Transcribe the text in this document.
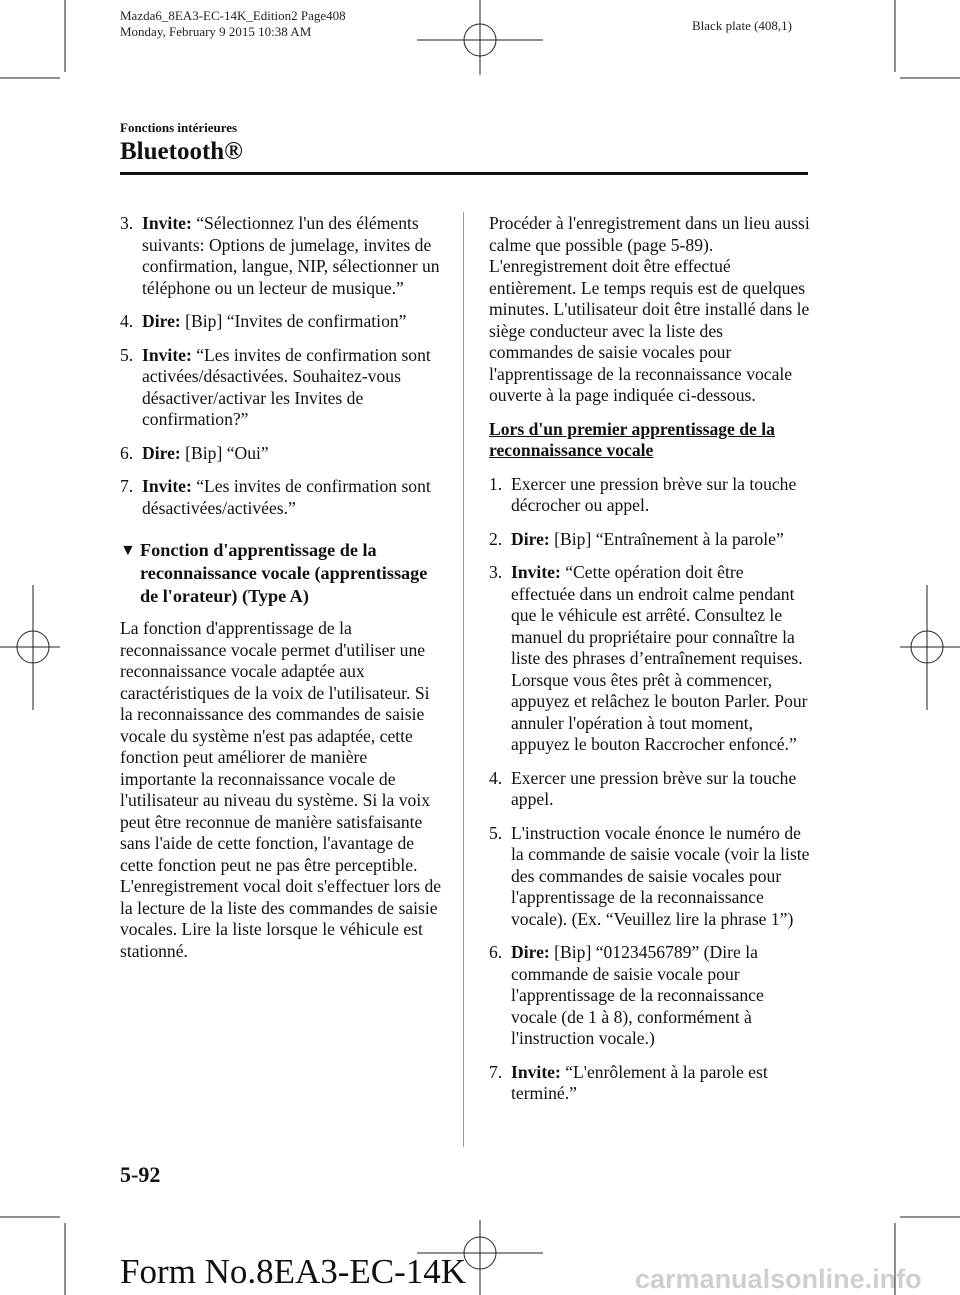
Mazda6_8EA3-EC-14K_Edition2 Page408
Monday, February 9 2015 10:38 AM	Black plate (408,1)
Fonctions intérieures
Bluetooth®
3. Invite: “Sélectionnez l'un des éléments suivants: Options de jumelage, invites de confirmation, langue, NIP, sélectionner un téléphone ou un lecteur de musique.”
4. Dire: [Bip] “Invites de confirmation”
5. Invite: “Les invites de confirmation sont activées/désactivées. Souhaitez-vous désactiver/activar les Invites de confirmation?”
6. Dire: [Bip] “Oui”
7. Invite: “Les invites de confirmation sont désactivées/activées.”
▼ Fonction d'apprentissage de la reconnaissance vocale (apprentissage de l'orateur) (Type A)

La fonction d'apprentissage de la reconnaissance vocale permet d'utiliser une reconnaissance vocale adaptée aux caractéristiques de la voix de l'utilisateur. Si la reconnaissance des commandes de saisie vocale du système n'est pas adaptée, cette fonction peut améliorer de manière importante la reconnaissance vocale de l'utilisateur au niveau du système. Si la voix peut être reconnue de manière satisfaisante sans l'aide de cette fonction, l'avantage de cette fonction peut ne pas être perceptible. L'enregistrement vocal doit s'effectuer lors de la lecture de la liste des commandes de saisie vocales. Lire la liste lorsque le véhicule est stationné.

Procéder à l'enregistrement dans un lieu aussi calme que possible (page 5-89). L'enregistrement doit être effectué entièrement. Le temps requis est de quelques minutes. L'utilisateur doit être installé dans le siège conducteur avec la liste des commandes de saisie vocales pour l'apprentissage de la reconnaissance vocale ouverte à la page indiquée ci-dessous.

Lors d'un premier apprentissage de la reconnaissance vocale

1. Exercer une pression brève sur la touche décrocher ou appel.
2. Dire: [Bip] “Entraînement à la parole”
3. Invite: “Cette opération doit être effectuée dans un endroit calme pendant que le véhicule est arrêté. Consultez le manuel du propriétaire pour connaître la liste des phrases d’entraînement requises. Lorsque vous êtes prêt à commencer, appuyez et relâchez le bouton Parler. Pour annuler l'opération à tout moment, appuyez le bouton Raccrocher enfoncé.”
4. Exercer une pression brève sur la touche appel.
5. L'instruction vocale énonce le numéro de la commande de saisie vocale (voir la liste des commandes de saisie vocales pour l'apprentissage de la reconnaissance vocale). (Ex. “Veuillez lire la phrase 1”)
6. Dire: [Bip] “0123456789” (Dire la commande de saisie vocale pour l'apprentissage de la reconnaissance vocale (de 1 à 8), conformément à l'instruction vocale.)
7. Invite: “L'enrôlement à la parole est terminé.”
5-92
Form No.8EA3-EC-14K	carmanualsonline.info
